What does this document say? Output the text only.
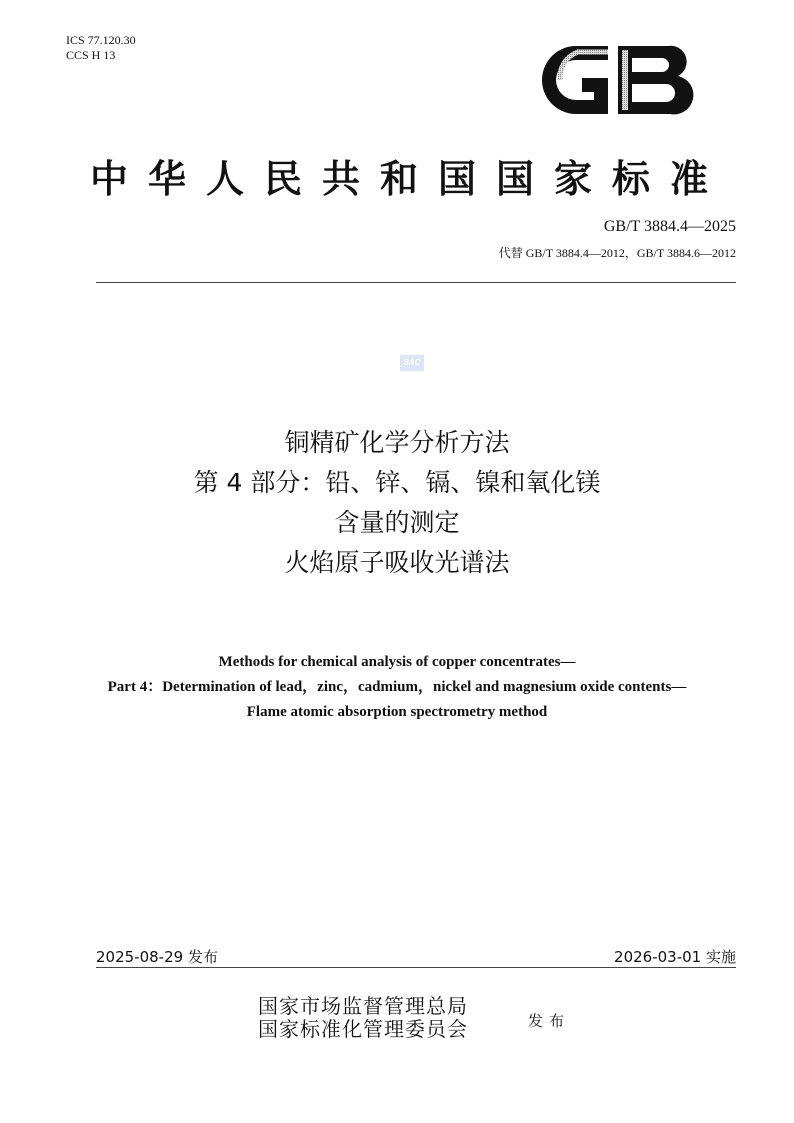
ICS 77.120.30
CCS H 13
中华人民共和国国家标准
GB/T 3884.4—2025
代替 GB/T 3884.4—2012，GB/T 3884.6—2012
SAC
铜精矿化学分析方法
第 4 部分：铅、锌、镉、镍和氧化镁
含量的测定
火焰原子吸收光谱法
Methods for chemical analysis of copper concentrates—
Part 4：Determination of lead，zinc，cadmium，nickel and magnesium oxide contents—
Flame atomic absorption spectrometry method
2025-08-29 发布	2026-03-01 实施
国家市场监督管理总局
国家标准化管理委员会	发布
